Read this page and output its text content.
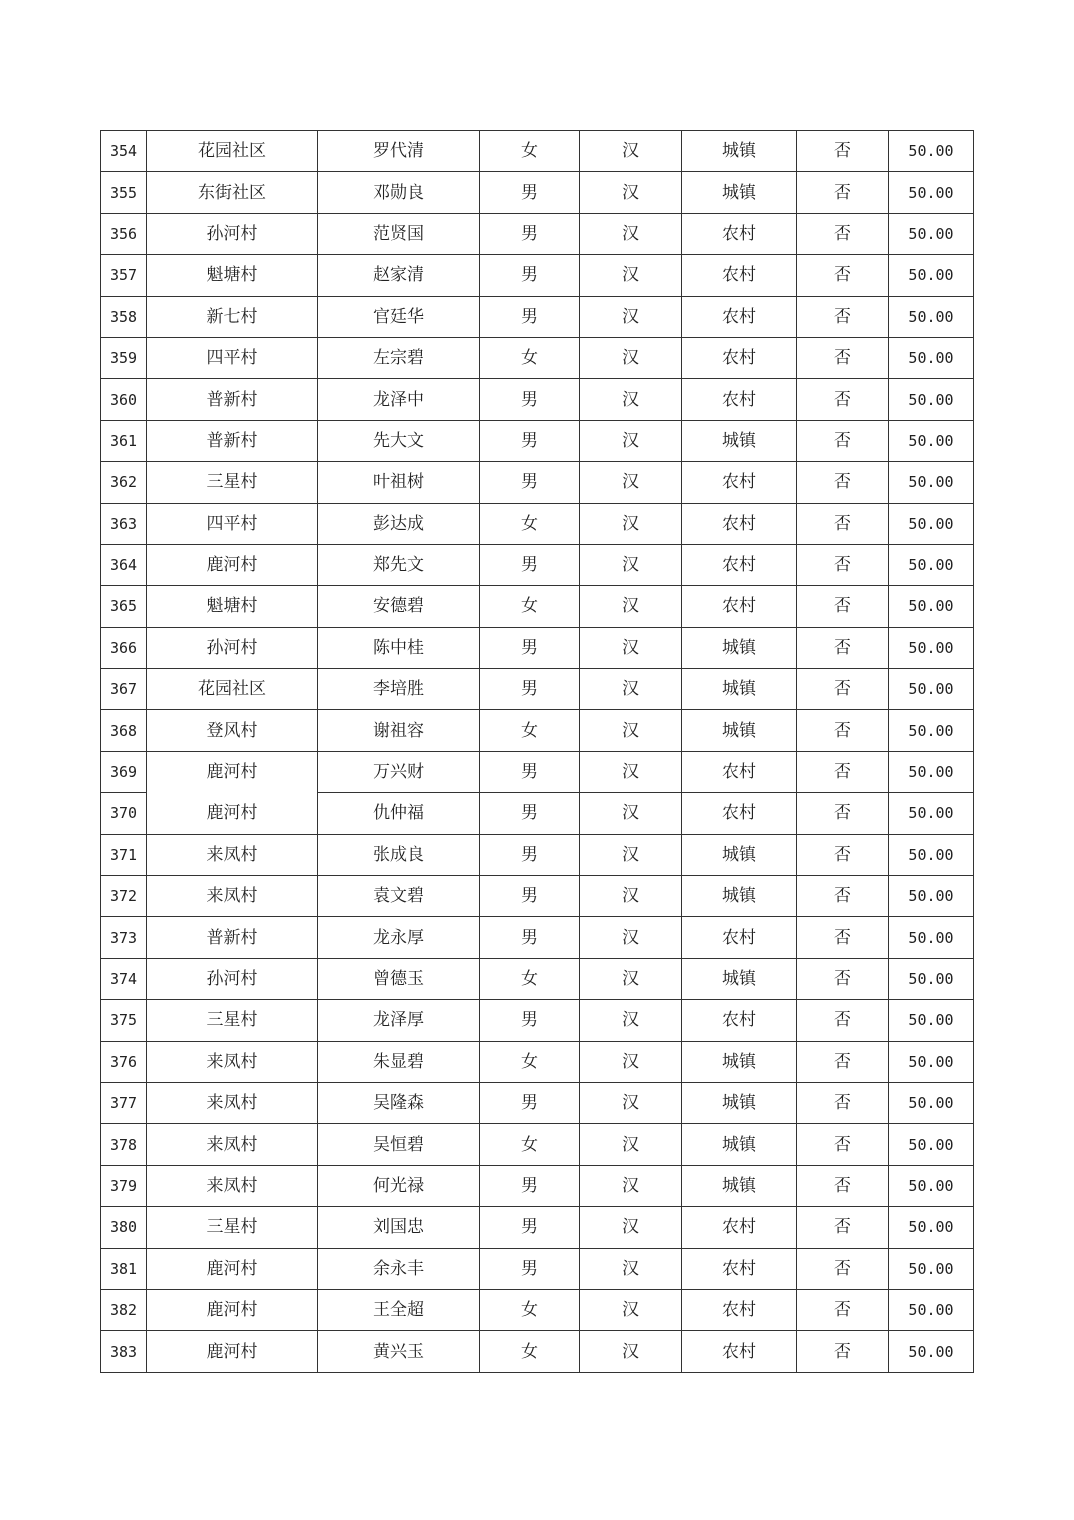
354	花园社区	罗代清	女	汉	城镇	否	50.00
355	东街社区	邓勋良	男	汉	城镇	否	50.00
356	孙河村	范贤国	男	汉	农村	否	50.00
357	魁塘村	赵家清	男	汉	农村	否	50.00
358	新七村	官廷华	男	汉	农村	否	50.00
359	四平村	左宗碧	女	汉	农村	否	50.00
360	普新村	龙泽中	男	汉	农村	否	50.00
361	普新村	先大文	男	汉	城镇	否	50.00
362	三星村	叶祖树	男	汉	农村	否	50.00
363	四平村	彭达成	女	汉	农村	否	50.00
364	鹿河村	郑先文	男	汉	农村	否	50.00
365	魁塘村	安德碧	女	汉	农村	否	50.00
366	孙河村	陈中桂	男	汉	城镇	否	50.00
367	花园社区	李培胜	男	汉	城镇	否	50.00
368	登风村	谢祖容	女	汉	城镇	否	50.00
369	鹿河村	万兴财	男	汉	农村	否	50.00
370	鹿河村	仇仲福	男	汉	农村	否	50.00
371	来凤村	张成良	男	汉	城镇	否	50.00
372	来凤村	袁文碧	男	汉	城镇	否	50.00
373	普新村	龙永厚	男	汉	农村	否	50.00
374	孙河村	曾德玉	女	汉	城镇	否	50.00
375	三星村	龙泽厚	男	汉	农村	否	50.00
376	来凤村	朱显碧	女	汉	城镇	否	50.00
377	来凤村	吴隆森	男	汉	城镇	否	50.00
378	来凤村	吴恒碧	女	汉	城镇	否	50.00
379	来凤村	何光禄	男	汉	城镇	否	50.00
380	三星村	刘国忠	男	汉	农村	否	50.00
381	鹿河村	余永丰	男	汉	农村	否	50.00
382	鹿河村	王全超	女	汉	农村	否	50.00
383	鹿河村	黄兴玉	女	汉	农村	否	50.00
